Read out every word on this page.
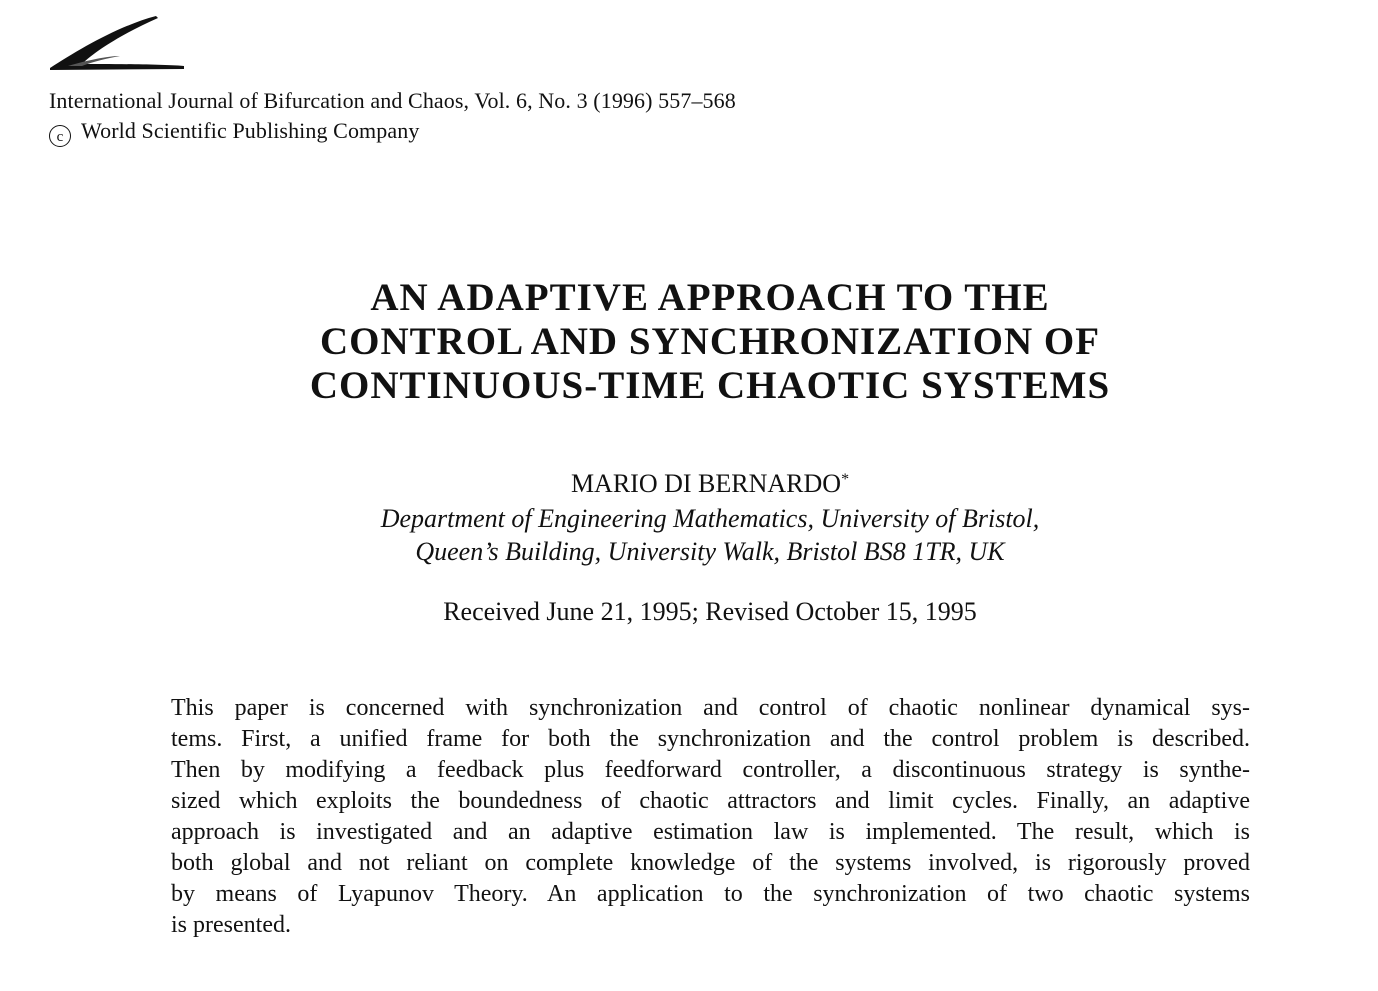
International Journal of Bifurcation and Chaos, Vol. 6, No. 3 (1996) 557–568
c World Scientific Publishing Company
AN ADAPTIVE APPROACH TO THE
CONTROL AND SYNCHRONIZATION OF
CONTINUOUS-TIME CHAOTIC SYSTEMS
MARIO DI BERNARDO*
Department of Engineering Mathematics, University of Bristol,
Queen’s Building, University Walk, Bristol BS8 1TR, UK
Received June 21, 1995; Revised October 15, 1995
This paper is concerned with synchronization and control of chaotic nonlinear dynamical sys-
tems. First, a unified frame for both the synchronization and the control problem is described.
Then by modifying a feedback plus feedforward controller, a discontinuous strategy is synthe-
sized which exploits the boundedness of chaotic attractors and limit cycles. Finally, an adaptive
approach is investigated and an adaptive estimation law is implemented. The result, which is
both global and not reliant on complete knowledge of the systems involved, is rigorously proved
by means of Lyapunov Theory. An application to the synchronization of two chaotic systems
is presented.
